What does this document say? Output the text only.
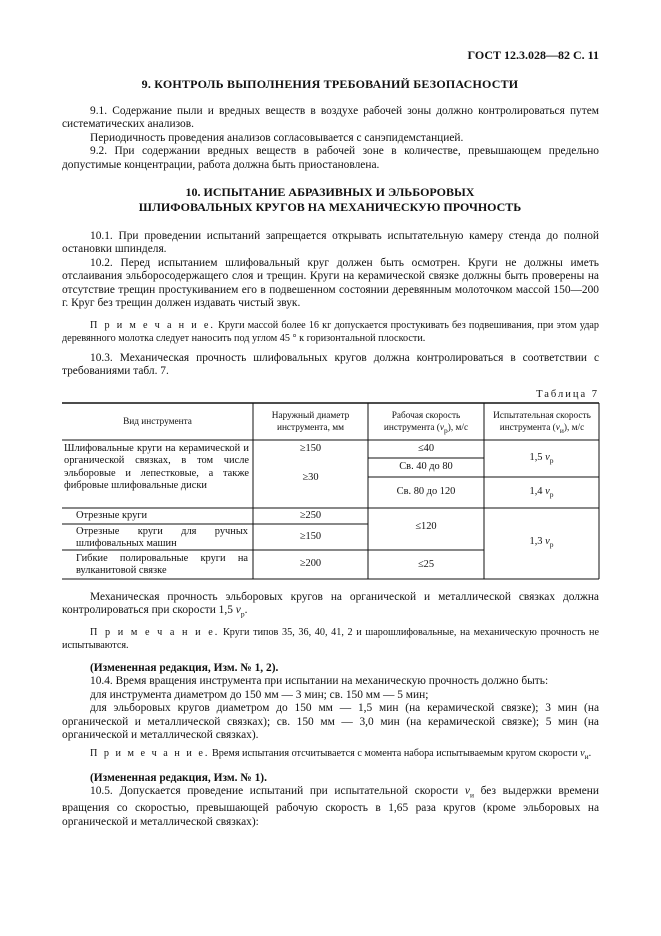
ГОСТ 12.3.028—82 С. 11
9. КОНТРОЛЬ ВЫПОЛНЕНИЯ ТРЕБОВАНИЙ БЕЗОПАСНОСТИ

9.1. Содержание пыли и вредных веществ в воздухе рабочей зоны должно контролироваться путем систематических анализов.

Периодичность проведения анализов согласовывается с санэпидемстанцией.

9.2. При содержании вредных веществ в рабочей зоне в количестве, превышающем предельно допустимые концентрации, работа должна быть приостановлена.

10. ИСПЫТАНИЕ АБРАЗИВНЫХ И ЭЛЬБОРОВЫХ
ШЛИФОВАЛЬНЫХ КРУГОВ НА МЕХАНИЧЕСКУЮ ПРОЧНОСТЬ

10.1. При проведении испытаний запрещается открывать испытательную камеру стенда до полной остановки шпинделя.

10.2. Перед испытанием шлифовальный круг должен быть осмотрен. Круги не должны иметь отслаивания эльборосодержащего слоя и трещин. Круги на керамической связке должны быть проверены на отсутствие трещин простукиванием его в подвешенном состоянии деревянным молоточком массой 150—200 г. Круг без трещин должен издавать чистый звук.

П р и м е ч а н и е. Круги массой более 16 кг допускается простукивать без подвешивания, при этом удар деревянного молотка следует наносить под углом 45 ° к горизонтальной плоскости.

10.3. Механическая прочность шлифовальных кругов должна контролироваться в соответствии с требованиями табл. 7.

Таблица 7
Вид инструмента
Наружный диаметр инструмента, мм
Рабочая скорость инструмента $(v_р)$, м/с
Испытательная скорость инструмента $(v_и)$, м/с
Шлифовальные круги на керамической и органической связках, в том числе эльборовые и лепестковые, а также фибровые шлифовальные диски
Отрезные круги
Отрезные круги для ручных шлифовальных машин
Гибкие полировальные круги на вулканитовой связке
≥150
≥30
≥250
≥150
≥200
≤40
Св. 40 до 80
Св. 80 до 120
≤120
≤25
1,5 $v_р$
1,4 $v_р$
1,3 $v_р$

Механическая прочность эльборовых кругов на органической и металлической связках должна контролироваться при скорости 1,5 $v_р$.

П р и м е ч а н и е. Круги типов 35, 36, 40, 41, 2 и шарошлифовальные, на механическую прочность не испытываются.

(Измененная редакция, Изм. № 1, 2).

10.4. Время вращения инструмента при испытании на механическую прочность должно быть:

для инструмента диаметром до 150 мм — 3 мин; св. 150 мм — 5 мин;

для эльборовых кругов диаметром до 150 мм — 1,5 мин (на керамической связке); 3 мин (на органической и металлической связках); св. 150 мм — 3,0 мин (на керамической связке); 5 мин (на органической и металлической связках).

П р и м е ч а н и е. Время испытания отсчитывается с момента набора испытываемым кругом скорости $v_и$.

(Измененная редакция, Изм. № 1).

10.5. Допускается проведение испытаний при испытательной скорости $v_и$ без выдержки времени вращения со скоростью, превышающей рабочую скорость в 1,65 раза кругов (кроме эльборовых на органической и металлической связках):
